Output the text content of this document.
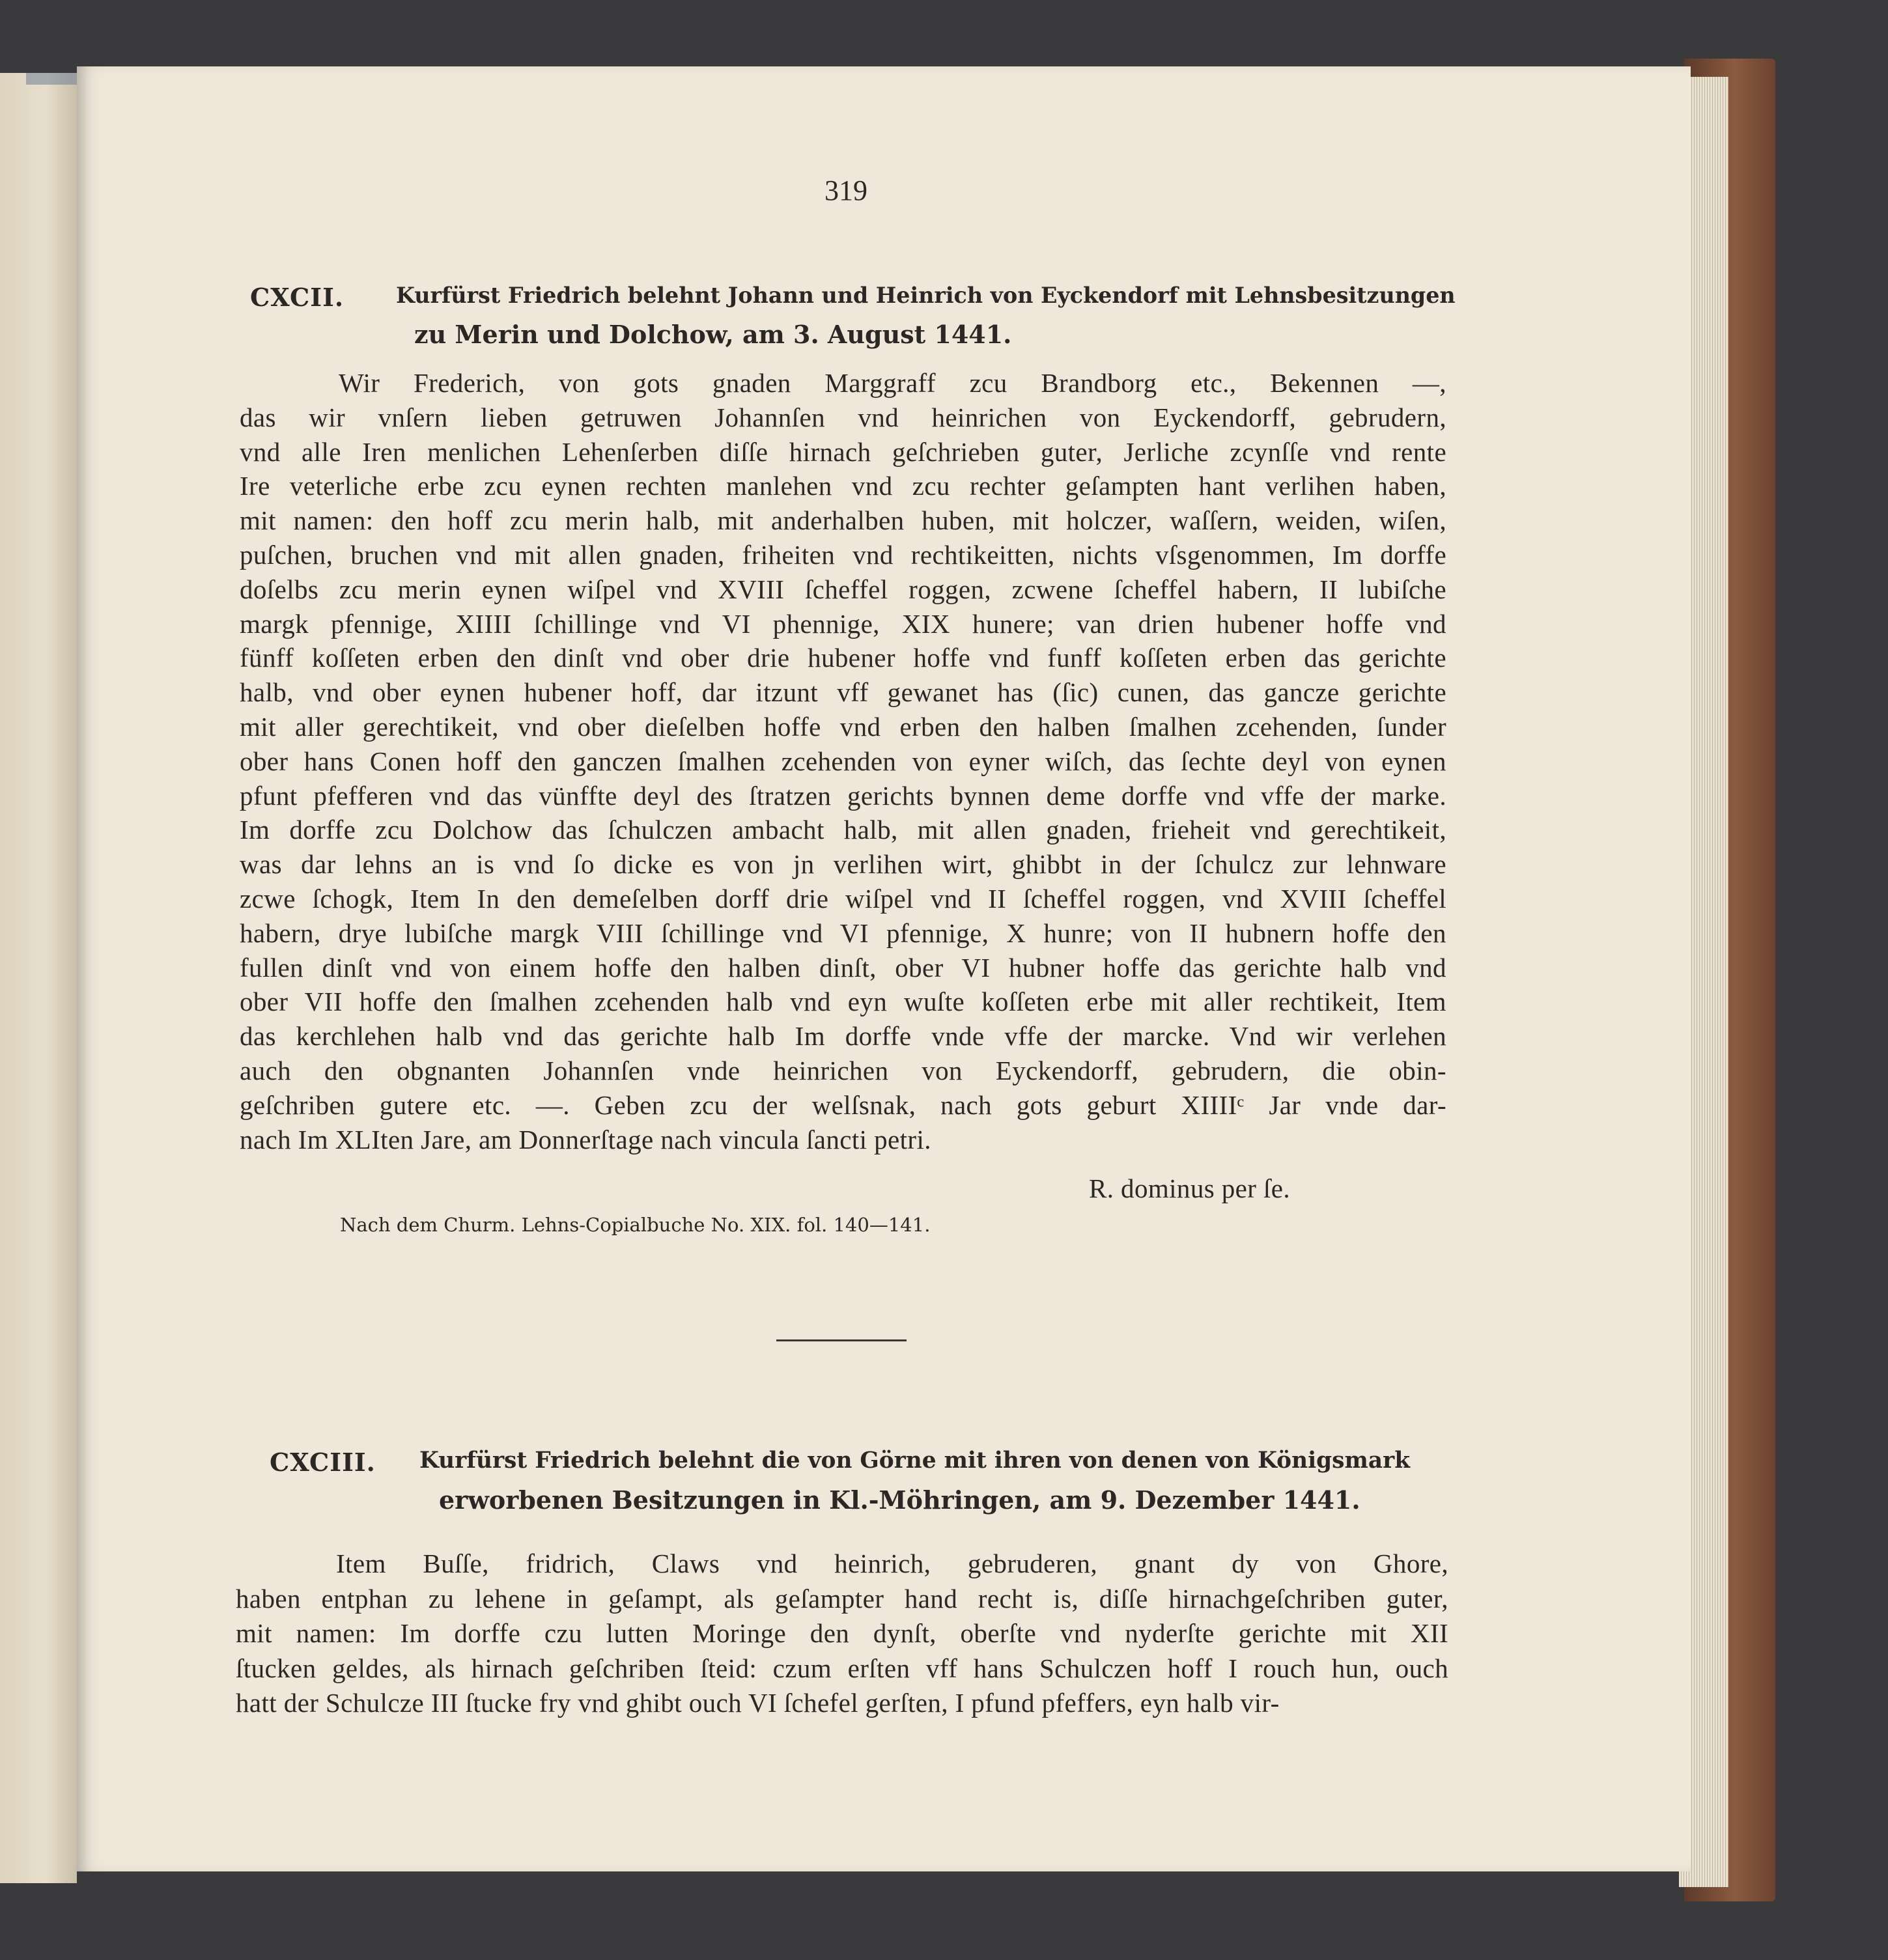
319

CXCII. Kurfürst Friedrich belehnt Johann und Heinrich von Eyckendorf mit Lehnsbesitzungen

zu Merin und Dolchow, am 3. August 1441.

Wir Frederich, von gots gnaden Marggraff zcu Brandborg etc., Bekennen —,

das wir vnſern lieben getruwen Johannſen vnd heinrichen von Eyckendorff, gebrudern,

vnd alle Iren menlichen Lehenſerben diſſe hirnach geſchrieben guter, Jerliche zcynſſe vnd rente

Ire veterliche erbe zcu eynen rechten manlehen vnd zcu rechter geſampten hant verlihen haben,

mit namen: den hoff zcu merin halb, mit anderhalben huben, mit holczer, waſſern, weiden, wiſen,

puſchen, bruchen vnd mit allen gnaden, friheiten vnd rechtikeitten, nichts vſsgenommen, Im dorffe

doſelbs zcu merin eynen wiſpel vnd XVIII ſcheffel roggen, zcwene ſcheffel habern, II lubiſche

margk pfennige, XIIII ſchillinge vnd VI phennige, XIX hunere; van drien hubener hoffe vnd

fünff koſſeten erben den dinſt vnd ober drie hubener hoffe vnd funff koſſeten erben das gerichte

halb, vnd ober eynen hubener hoff, dar itzunt vff gewanet has (ſic) cunen, das gancze gerichte

mit aller gerechtikeit, vnd ober dieſelben hoffe vnd erben den halben ſmalhen zcehenden, ſunder

ober hans Conen hoff den ganczen ſmalhen zcehenden von eyner wiſch, das ſechte deyl von eynen

pfunt pfefferen vnd das vünffte deyl des ſtratzen gerichts bynnen deme dorffe vnd vffe der marke.

Im dorffe zcu Dolchow das ſchulczen ambacht halb, mit allen gnaden, frieheit vnd gerechtikeit,

was dar lehns an is vnd ſo dicke es von jn verlihen wirt, ghibbt in der ſchulcz zur lehnware

zcwe ſchogk, Item In den demeſelben dorff drie wiſpel vnd II ſcheffel roggen, vnd XVIII ſcheffel

habern, drye lubiſche margk VIII ſchillinge vnd VI pfennige, X hunre; von II hubnern hoffe den

fullen dinſt vnd von einem hoffe den halben dinſt, ober VI hubner hoffe das gerichte halb vnd

ober VII hoffe den ſmalhen zcehenden halb vnd eyn wuſte koſſeten erbe mit aller rechtikeit, Item

das kerchlehen halb vnd das gerichte halb Im dorffe vnde vffe der marcke. Vnd wir verlehen

auch den obgnanten Johannſen vnde heinrichen von Eyckendorff, gebrudern, die obin-

geſchriben gutere etc. —. Geben zcu der welſsnak, nach gots geburt XIIIIᶜ Jar vnde dar-

nach Im XLIten Jare, am Donnerſtage nach vincula ſancti petri.

R. dominus per ſe.

Nach dem Churm. Lehns-Copialbuche No. XIX. fol. 140—141.

CXCIII. Kurfürst Friedrich belehnt die von Görne mit ihren von denen von Königsmark

erworbenen Besitzungen in Kl.-Möhringen, am 9. Dezember 1441.

Item Buſſe, fridrich, Claws vnd heinrich, gebruderen, gnant dy von Ghore,

haben entphan zu lehene in geſampt, als geſampter hand recht is, diſſe hirnachgeſchriben guter,

mit namen: Im dorffe czu lutten Moringe den dynſt, oberſte vnd nyderſte gerichte mit XII

ſtucken geldes, als hirnach geſchriben ſteid: czum erſten vff hans Schulczen hoff I rouch hun, ouch

hatt der Schulcze III ſtucke fry vnd ghibt ouch VI ſchefel gerſten, I pfund pfeffers, eyn halb vir-
